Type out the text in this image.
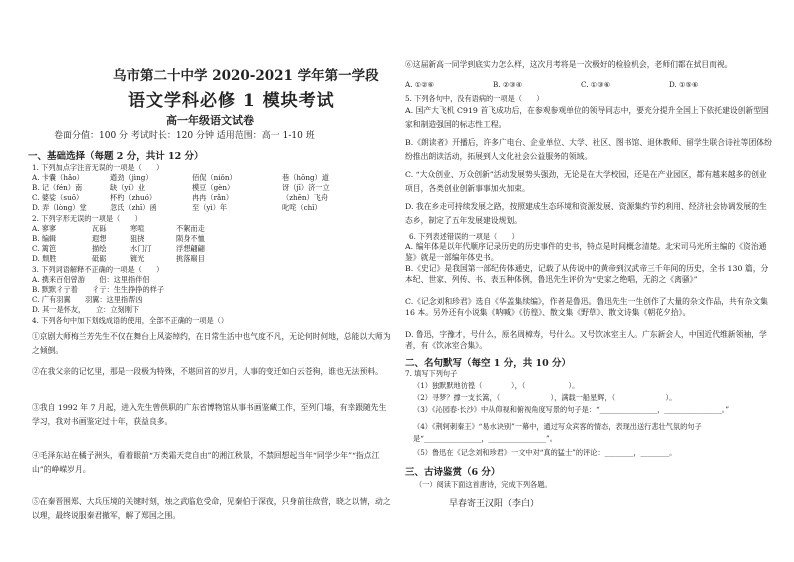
乌市第二十中学 2020-2021 学年第一学段
语文学科必修 1 模块考试
高一年级语文试卷
卷面分值：100 分 考试时长：120 分钟 适用范围：高一 1-10 班
一、基础选择（每题 2 分，共计 12 分）
1. 下列加点字注音无误的一项是（　　）
A. 卡嚢（hǎo）	遒劲（jìng）	佰侃（niǒn）	巷（hōng）道
B. 记（fén）南	缺（yí）业	模豆（gèn）	讶（jī）济一立
C. 婆娑（suō）	杯杓（zhuó）	冉冉（rǎn）	（zhēn）飞舟
D. 弄（lòng）堂	忽氐（zhī）函	至（yì）年	叱咤（chǐ）
2. 下列字形无误的一项是（　　）
A. 寥寥	瓦砾	寒喧	不絮而走
B. 编辑	遐想	狙挠	陨身不恤
C. 篱笆	描绘	水门汀	浮想翩翩
D. 颓胜	砥砺	镀光	挑落巅目
3. 下列词语解释不正确的一项是（　　）
A. 携来百侣曾游　　侣：这里指伴侣
B. 默默彳亍着　　彳亍：生生挣挣的样子
C. 广有羽翼　　羽翼：这里指帮凶
D. 其一是怀友，　　立：立刻刚下
4. 下列各句中加下划线成语的使用，全部不正确的一项是（）
①京剧大师梅兰芳先生不仅在舞台上风姿绰约，在日常生活中也气度不凡，无论何时何地，总能以大师为之倾倒。
②在我父亲的记忆里，那是一段极为特殊，不堪回首的岁月，人事的变迁如白云苍狗，谁也无法预料。
③我自 1992 年 7 月起，进入先生曾供职的广东省博物馆从事书画鉴藏工作，至列门墙，有幸跟随先生学习，我对书画鉴定过十年，获益良多。
④毛泽东站在橘子洲头，看着眼前“万类霜天竞自由”的湘江秋景，不禁回想起当年“同学少年”“指点江山”的峥嵘岁月。
⑤在秦晋围郑、大兵压境的关键时刻，烛之武临危受命，见秦伯于深夜，只身前往敌营，晓之以情，动之以理，最终说服秦君撤军，解了郑国之围。
⑥这届新高一同学到底实力怎么样，这次月考将是一次极好的检验机会，老师们都在拭目而视。
A. ①②⑥	B. ②③④	C. ①③⑥	D. ①⑤⑥
5. 下列各句中，没有语病的一项是（　　）
A. 国产大飞机 C919 首飞成功后，在参观参观单位的领导同志中，要充分提升全国上下依托建设创新型国家和制造强国的标志性工程。
B.《朗读者》开播后，许多广电台、企业单位、大学、社区、图书馆、退休教师、留学生联合诗社等团体纷纷推出朗读活动，拓展到人文化社会公益服务的领域。
C. “大众创业、万众创新”活动发展势头强劲，无论是在大学校园，还是在产业园区，都有越来越多的创业项目，各类创业创新事事加火加束。
D. 我在乡走可持续发展之路，按照建成生态环境和资源发展、资源集约节约利用、经济社会协调发展的生态乡，制定了五年发展建设规划。
6. 下列表述错误的一项是（　　）
A. 编年体是以年代顺序记录历史的历史事件的史书，特点是时间概念清楚。北宋司马光所主编的《资治通鉴》就是一部编年体史书。
B.《史记》是我国第一部纪传体通史，记载了从传说中的黄帝到汉武帝三千年间的历史，全书 130 篇，分本纪、世家、列传、书、表五种体例，鲁迅先生评价为“史家之绝唱，无韵之《离骚》”
C.《记念刘和珍君》选自《华盖集续编》，作者是鲁迅。鲁迅先生一生创作了大量的杂文作品，共有杂文集 16 本。另外还有小说集《呐喊》《彷徨》、散文集《野草》、散文诗集《朝花夕拾》。
D. 鲁迅，字豫才，号什么，原名周樟寿，号什么。又号饮冰室主人。广东新会人，中国近代维新领袖，学者，有《饮冰室合集》。
二、名句默写（每空 1 分，共 10 分）
7. 填写下列句子
（1）独默默地彷徨（　　　　），（　　　　　　）。
（2）寻梦？撑一支长篙，（　　　　　　　），满载一船星辉，（　　　　　　　）。
（3）《沁园春·长沙》中从仰视和俯视角度写景的句子是：“________________，________________。”
（4）《荆轲刺秦王》“易水诀别”一幕中，通过写众宾客的情态，表现出送行悲壮气氛的句子是“________________，________________”。
（5）鲁迅在《记念刘和珍君》一文中对“真的猛士”的评论：________，________。
三、古诗鉴赏（6 分）
（一）阅读下面这首唐诗，完成下列各题。
早春寄王汉阳（李白）
